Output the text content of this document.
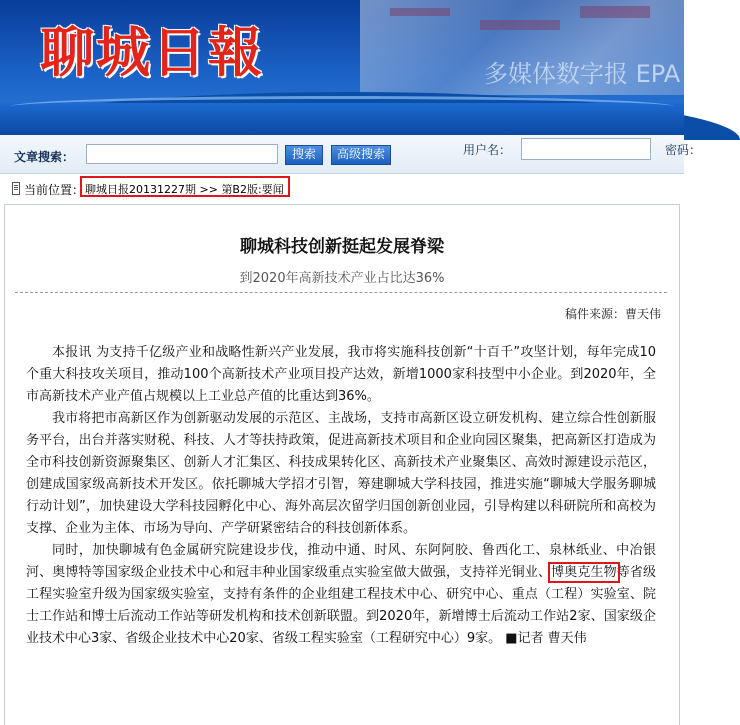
聊城日報	多媒体数字报 EPA
文章搜索：	搜索	高级搜索	用户名：	密码：
当前位置： 聊城日报20131227期 >> 第B2版:要闻
聊城科技创新挺起发展脊梁
到2020年高新技术产业占比达36%
稿件来源：曹天伟

本报讯 为支持千亿级产业和战略性新兴产业发展，我市将实施科技创新“十百千”攻坚计划，每年完成10个重大科技攻关项目，推动100个高新技术产业项目投产达效，新增1000家科技型中小企业。到2020年，全市高新技术产业产值占规模以上工业总产值的比重达到36%。

我市将把市高新区作为创新驱动发展的示范区、主战场，支持市高新区设立研发机构、建立综合性创新服务平台，出台并落实财税、科技、人才等扶持政策，促进高新技术项目和企业向园区聚集，把高新区打造成为全市科技创新资源聚集区、创新人才汇集区、科技成果转化区、高新技术产业聚集区、高效时源建设示范区，创建成国家级高新技术开发区。依托聊城大学招才引智，筹建聊城大学科技园，推进实施“聊城大学服务聊城行动计划”，加快建设大学科技园孵化中心、海外高层次留学归国创新创业园，引导构建以科研院所和高校为支撑、企业为主体、市场为导向、产学研紧密结合的科技创新体系。

同时，加快聊城有色金属研究院建设步伐，推动中通、时风、东阿阿胶、鲁西化工、泉林纸业、中冶银河、奥博特等国家级企业技术中心和冠丰种业国家级重点实验室做大做强，支持祥光铜业、博奥克生物等省级工程实验室升级为国家级实验室，支持有条件的企业组建工程技术中心、研究中心、重点（工程）实验室、院士工作站和博士后流动工作站等研发机构和技术创新联盟。到2020年，新增博士后流动工作站2家、国家级企业技术中心3家、省级企业技术中心20家、省级工程实验室（工程研究中心）9家。 ■记者 曹天伟
